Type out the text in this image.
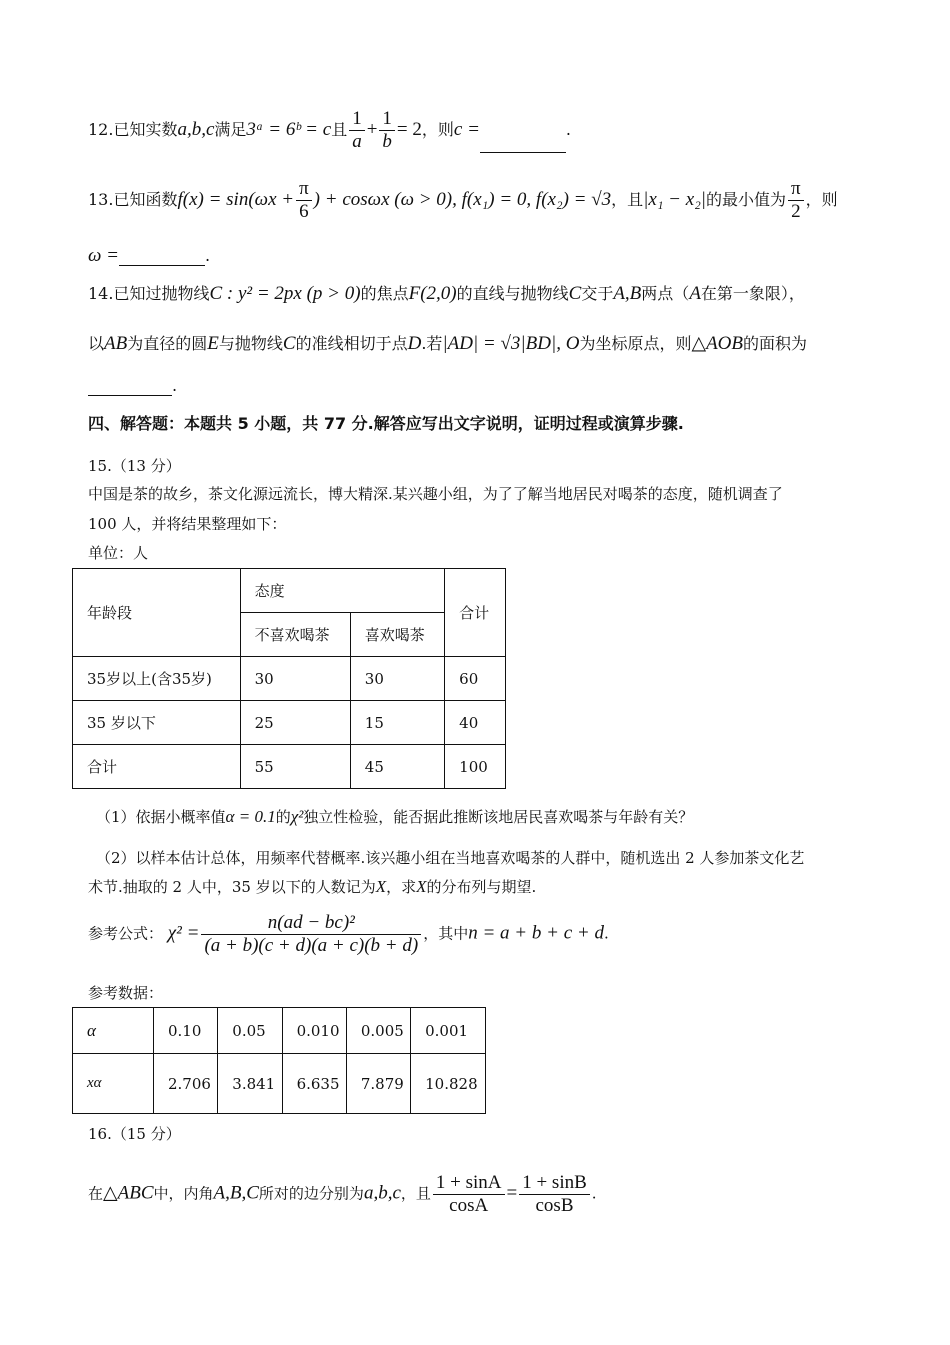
12.已知实数a,b,c满足3ᵃ = 6ᵇ = c且 $\frac{1}{a} + \frac{1}{b} = 2$，则c =	.
13.已知函数$f(x) = \sin(\omega x + \frac{\pi}{6}$ ) + cosωx (ω > 0), f(x₁) = 0, f(x₂) = √3，且|x₁ − x₂|的最小值为 $\frac{\pi}{2}$ ，则
ω =	.
14.已知过抛物线C : y² = 2px (p > 0)的焦点F(2,0)的直线与抛物线C交于A,B两点（A在第一象限），
以AB为直径的圆E与抛物线C的准线相切于点D.若|AD| = √3|BD|, O为坐标原点，则△AOB的面积为
.
四、解答题：本题共 5 小题，共 77 分.解答应写出文字说明，证明过程或演算步骤.
15.（13 分）
中国是茶的故乡，茶文化源远流长，博大精深.某兴趣小组，为了了解当地居民对喝茶的态度，随机调查了
100 人，并将结果整理如下：
单位：人
年龄段	态度		合计
	不喜欢喝茶	喜欢喝茶	
35岁以上(含35岁)	30	30	60
35 岁以下	25	15	40
合计	55	45	100
（1）依据小概率值α = 0.1的χ²独立性检验，能否据此推断该地居民喜欢喝茶与年龄有关？
（2）以样本估计总体，用频率代替概率.该兴趣小组在当地喜欢喝茶的人群中，随机选出 2 人参加茶文化艺
术节.抽取的 2 人中，35 岁以下的人数记为X，求X的分布列与期望.
参考公式： $\chi^2 = \frac{\text{n(ad − bc)²}}{(a + b)(c + d)(a + c)(b + d)}$ ，其中n = a + b + c + d.
参考数据：
α	0.10	0.05	0.010	0.005	0.001
xα	2.706	3.841	6.635	7.879	10.828
16.（15 分）
在△ABC中，内角A,B,C所对的边分别为a,b,c，且 $\frac{1 + \sin A}{\cos A} = \frac{1 + \sin B}{\cos B}$ .
